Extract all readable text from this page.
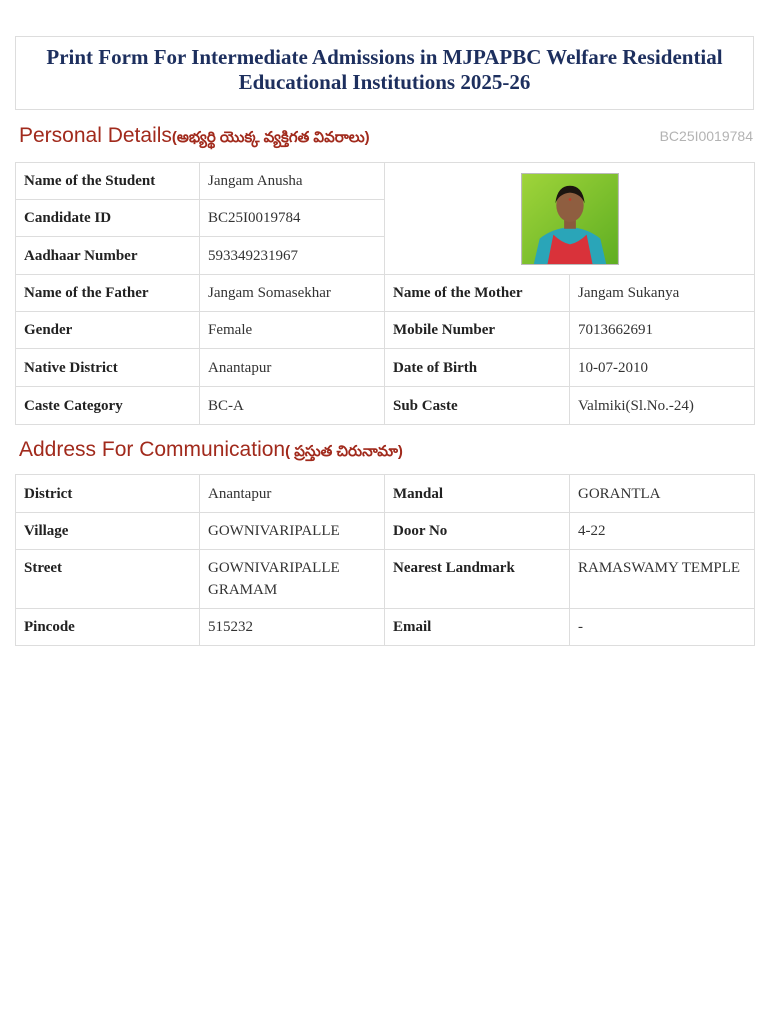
Print Form For Intermediate Admissions in MJPAPBC Welfare Residential Educational Institutions 2025-26
Personal Details(అభ్యర్థి యొక్క వ్యక్తిగత వివరాలు)	BC25I0019784
Name of the Student	Jangam Anusha	

Candidate ID	BC25I0019784		
Aadhaar Number	593349231967		
Name of the Father	Jangam Somasekhar	Name of the Mother	Jangam Sukanya
Gender	Female	Mobile Number	7013662691
Native District	Anantapur	Date of Birth	10-07-2010
Caste Category	BC-A	Sub Caste	Valmiki(Sl.No.-24)
Address For Communication( ప్రస్తుత చిరునామా)
District	Anantapur	Mandal	GORANTLA
Village	GOWNIVARIPALLE	Door No	4-22
Street	GOWNIVARIPALLE GRAMAM	Nearest Landmark	RAMASWAMY TEMPLE
Pincode	515232	Email	-
